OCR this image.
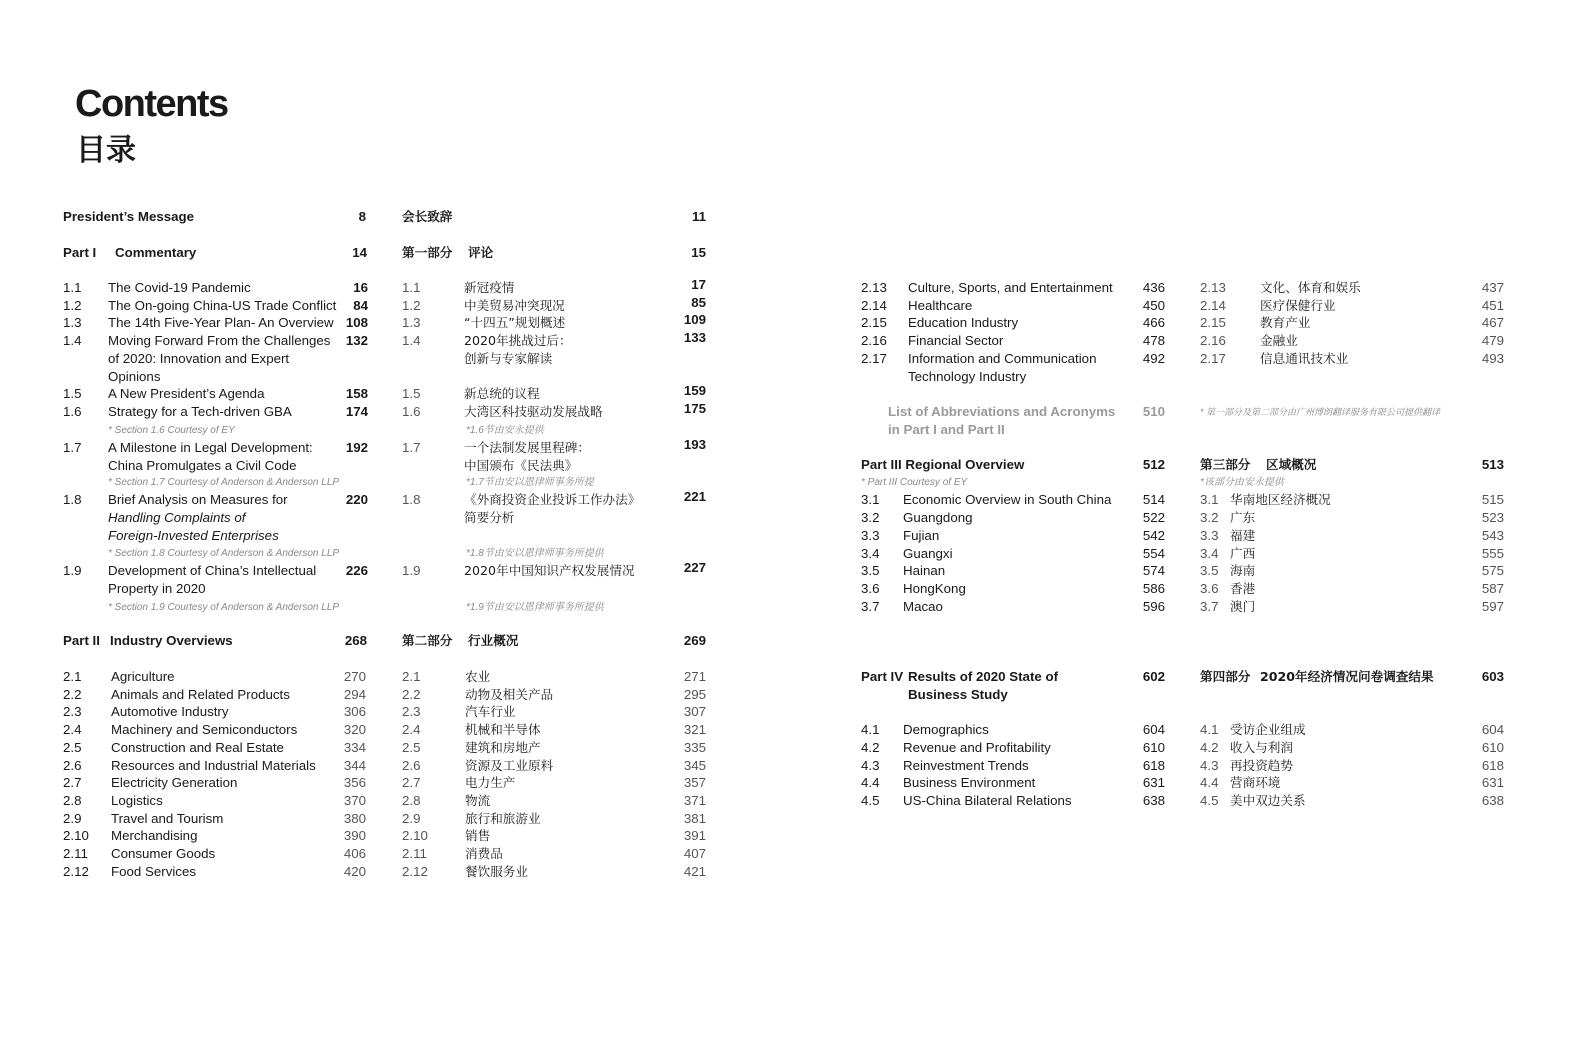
Contents
目录
President’s Message	8
Part I Commentary	14
1.1 The Covid-19 Pandemic	16
1.2 The On-going China-US Trade Conflict 84
1.3 The 14th Five-Year Plan- An Overview 108
1.4 Moving Forward From the Challenges
of 2020: Innovation and Expert
Opinions
132
1.5 A New President’s Agenda	158
1.6 Strategy for a Tech-driven GBA	174
* Section 1.6 Courtesy of EY
1.7 A Milestone in Legal Development:
China Promulgates a Civil Code
192
* Section 1.7 Courtesy of Anderson & Anderson LLP
1.8 Brief Analysis on Measures for
Handling Complaints of
Foreign-Invested Enterprises
220
* Section 1.8 Courtesy of Anderson & Anderson LLP
1.9 Development of China’s Intellectual
Property in 2020
226
* Section 1.9 Courtesy of Anderson & Anderson LLP
Part II Industry Overviews	268
2.1 Agriculture	270
2.2 Animals and Related Products	294
2.3 Automotive Industry	306
2.4 Machinery and Semiconductors	320
2.5 Construction and Real Estate	334
2.6 Resources and Industrial Materials 344
2.7 Electricity Generation	356
2.8 Logistics	370
2.9 Travel and Tourism	380
2.10 Merchandising	390
2.11 Consumer Goods	406
2.12 Food Services	420
会长致辞	11
第一部分 评论	15
1.1	新冠疫情	17
1.2	中美贸易冲突现况	85
1.3	“十四五”规划概述	109
1.4	2020年挑战过后：
创新与专家解读
133
1.5	新总统的议程	159
1.6	大湾区科技驱动发展战略	175
*1.6节由安永提供
1.7	一个法制发展里程碑：
中国颁布《民法典》
193
*1.7节由安以恩律师事务所提
1.8	《外商投资企业投诉工作办法》
简要分析
221
*1.8节由安以恩律师事务所提供
1.9	2020年中国知识产权发展情况	227
*1.9节由安以恩律师事务所提供
第二部分 行业概况	269
2.1	农业	271
2.2	动物及相关产品	295
2.3	汽车行业	307
2.4	机械和半导体	321
2.5	建筑和房地产	335
2.6	资源及工业原料	345
2.7	电力生产	357
2.8	物流	371
2.9	旅行和旅游业	381
2.10	销售	391
2.11	消费品	407
2.12	餐饮服务业	421
2.13 Culture, Sports, and Entertainment 436
2.14 Healthcare	450
2.15 Education Industry	466
2.16 Financial Sector	478
2.17 Information and Communication
Technology Industry
492
List of Abbreviations and Acronyms
in Part I and Part II
510
Part III Regional Overview	512
* Part III Courtesy of EY
3.1 Economic Overview in South China 514
3.2 Guangdong	522
3.3 Fujian	542
3.4 Guangxi	554
3.5 Hainan	574
3.6 HongKong	586
3.7 Macao	596
Part IV Results of 2020 State of
Business Study
602
4.1 Demographics	604
4.2 Revenue and Profitability	610
4.3 Reinvestment Trends	618
4.4 Business Environment	631
4.5 US-China Bilateral Relations	638
2.13	文化、体育和娱乐	437
2.14	医疗保健行业	451
2.15	教育产业	467
2.16	金融业	479
2.17	信息通讯技术业	493
* 第一部分及第二部分由广州博朗翻译服务有限公司提供翻译
第三部分 区域概况	513
*该部分由安永提供
3.1 华南地区经济概况	515
3.2 广东	523
3.3 福建	543
3.4 广西	555
3.5 海南	575
3.6 香港	587
3.7 澳门	597
第四部分 2020年经济情况问卷调查结果	603
4.1 受访企业组成	604
4.2 收入与利润	610
4.3 再投资趋势	618
4.4 营商环境	631
4.5 美中双边关系	638
